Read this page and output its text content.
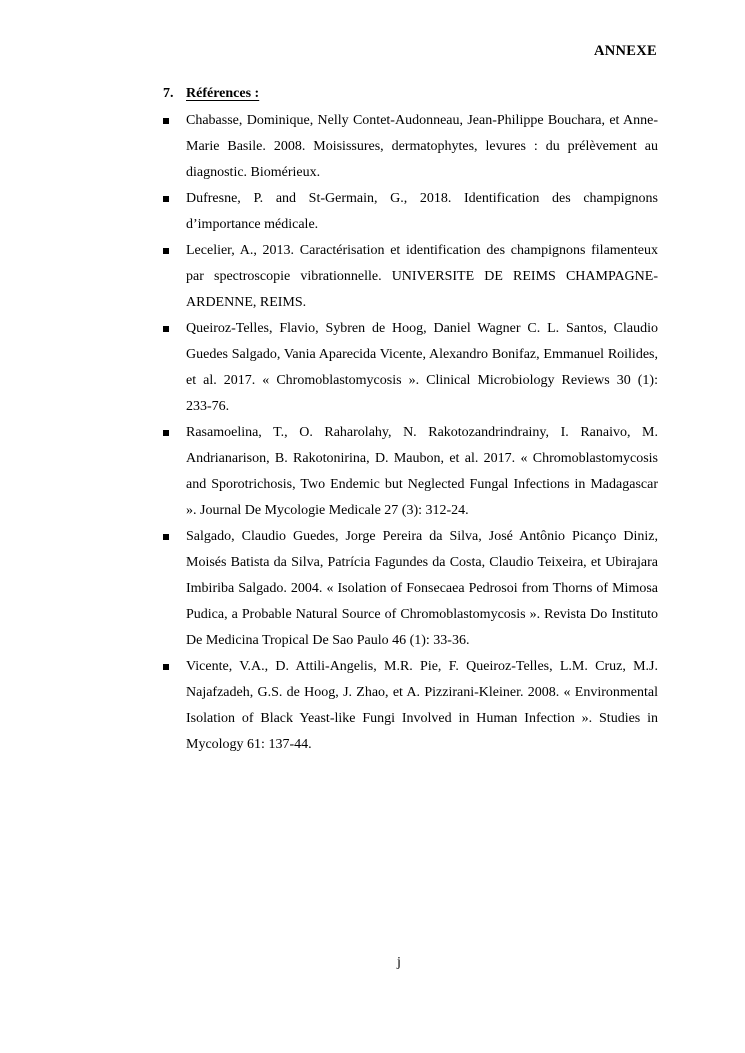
ANNEXE
7. Références :

Chabasse, Dominique, Nelly Contet-Audonneau, Jean-Philippe Bouchara, et Anne-Marie Basile. 2008. Moisissures, dermatophytes, levures : du prélèvement au diagnostic. Biomérieux.

Dufresne, P. and St-Germain, G., 2018. Identification des champignons d’importance médicale.

Lecelier, A., 2013. Caractérisation et identification des champignons filamenteux par spectroscopie vibrationnelle. UNIVERSITE DE REIMS CHAMPAGNE-ARDENNE, REIMS.

Queiroz-Telles, Flavio, Sybren de Hoog, Daniel Wagner C. L. Santos, Claudio Guedes Salgado, Vania Aparecida Vicente, Alexandro Bonifaz, Emmanuel Roilides, et al. 2017. « Chromoblastomycosis ». Clinical Microbiology Reviews 30 (1): 233‑76.

Rasamoelina, T., O. Raharolahy, N. Rakotozandrindrainy, I. Ranaivo, M. Andrianarison, B. Rakotonirina, D. Maubon, et al. 2017. « Chromoblastomycosis and Sporotrichosis, Two Endemic but Neglected Fungal Infections in Madagascar ». Journal De Mycologie Medicale 27 (3): 312‑24.

Salgado, Claudio Guedes, Jorge Pereira da Silva, José Antônio Picanço Diniz, Moisés Batista da Silva, Patrícia Fagundes da Costa, Claudio Teixeira, et Ubirajara Imbiriba Salgado. 2004. « Isolation of Fonsecaea Pedrosoi from Thorns of Mimosa Pudica, a Probable Natural Source of Chromoblastomycosis ». Revista Do Instituto De Medicina Tropical De Sao Paulo 46 (1): 33‑36.

Vicente, V.A., D. Attili-Angelis, M.R. Pie, F. Queiroz-Telles, L.M. Cruz, M.J. Najafzadeh, G.S. de Hoog, J. Zhao, et A. Pizzirani-Kleiner. 2008. « Environmental Isolation of Black Yeast-like Fungi Involved in Human Infection ». Studies in Mycology 61: 137‑44.

j
